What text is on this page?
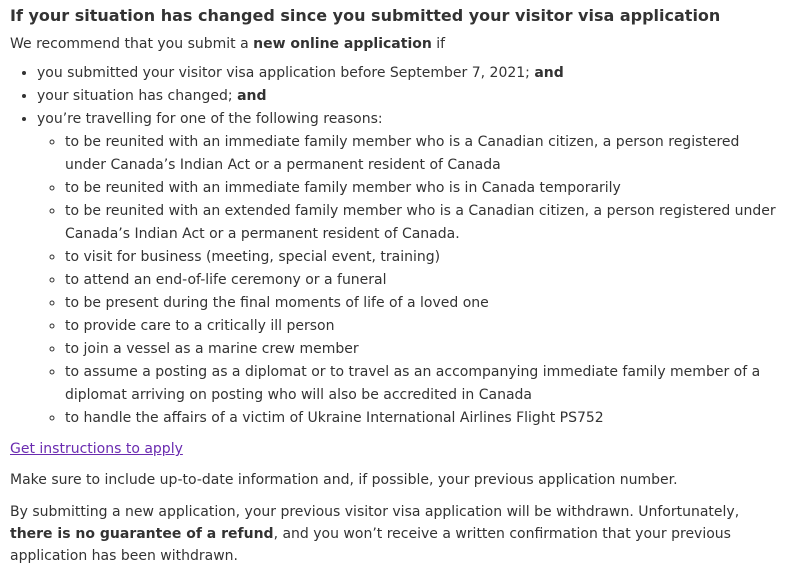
If your situation has changed since you submitted your visitor visa application

We recommend that you submit a new online application if

• you submitted your visitor visa application before September 7, 2021; and
• your situation has changed; and
• you’re travelling for one of the following reasons:
◦ to be reunited with an immediate family member who is a Canadian citizen, a person registered under Canada’s Indian Act or a permanent resident of Canada
◦ to be reunited with an immediate family member who is in Canada temporarily
◦ to be reunited with an extended family member who is a Canadian citizen, a person registered under Canada’s Indian Act or a permanent resident of Canada.
◦ to visit for business (meeting, special event, training)
◦ to attend an end-of-life ceremony or a funeral
◦ to be present during the final moments of life of a loved one
◦ to provide care to a critically ill person
◦ to join a vessel as a marine crew member
◦ to assume a posting as a diplomat or to travel as an accompanying immediate family member of a diplomat arriving on posting who will also be accredited in Canada
◦ to handle the affairs of a victim of Ukraine International Airlines Flight PS752

Get instructions to apply

Make sure to include up-to-date information and, if possible, your previous application number.

By submitting a new application, your previous visitor visa application will be withdrawn. Unfortunately, there is no guarantee of a refund, and you won’t receive a written confirmation that your previous application has been withdrawn.
